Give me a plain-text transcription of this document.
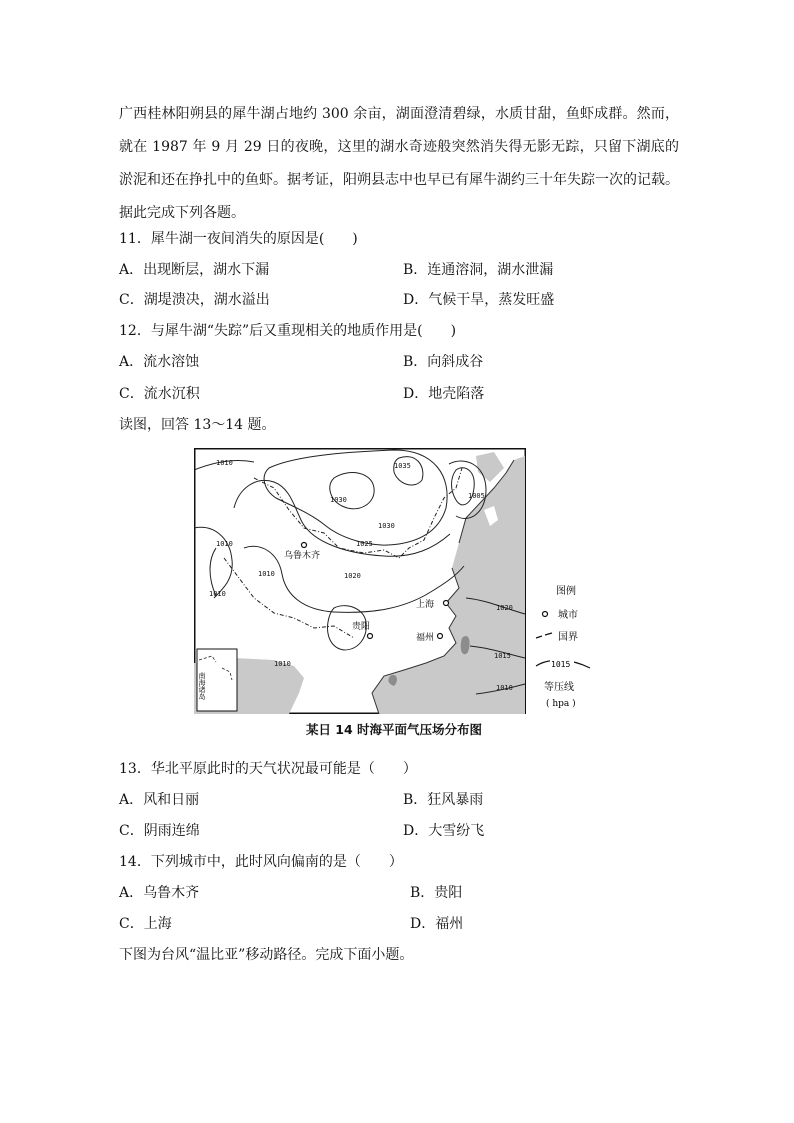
广西桂林阳朔县的犀牛湖占地约 300 余亩，湖面澄清碧绿，水质甘甜，鱼虾成群。然而，就在 1987 年 9 月 29 日的夜晚，这里的湖水奇迹般突然消失得无影无踪，只留下湖底的淤泥和还在挣扎中的鱼虾。据考证，阳朔县志中也早已有犀牛湖约三十年失踪一次的记载。据此完成下列各题。

11．犀牛湖一夜间消失的原因是(　　)
A．出现断层，湖水下漏	B．连通溶洞，湖水泄漏
C．湖堤溃决，湖水溢出	D．气候干旱，蒸发旺盛
12．与犀牛湖“失踪”后又重现相关的地质作用是(　　)
A．流水溶蚀	B．向斜成谷
C．流水沉积	D．地壳陷落
读图，回答 13～14 题。
1010	1035
1030
1030
1005
1025
1010
1010	1020
1010
1020
1015
1010
1010
乌鲁木齐
上海
贵阳
福州
南海诸岛
图例
城市
国界
1015
等压线
( hpa )
某日 14 时海平面气压场分布图
13．华北平原此时的天气状况最可能是（　　）
A．风和日丽	B．狂风暴雨
C．阴雨连绵	D．大雪纷飞
14．下列城市中，此时风向偏南的是（　　）
A．乌鲁木齐	B．贵阳
C．上海	D．福州
下图为台风“温比亚”移动路径。完成下面小题。
